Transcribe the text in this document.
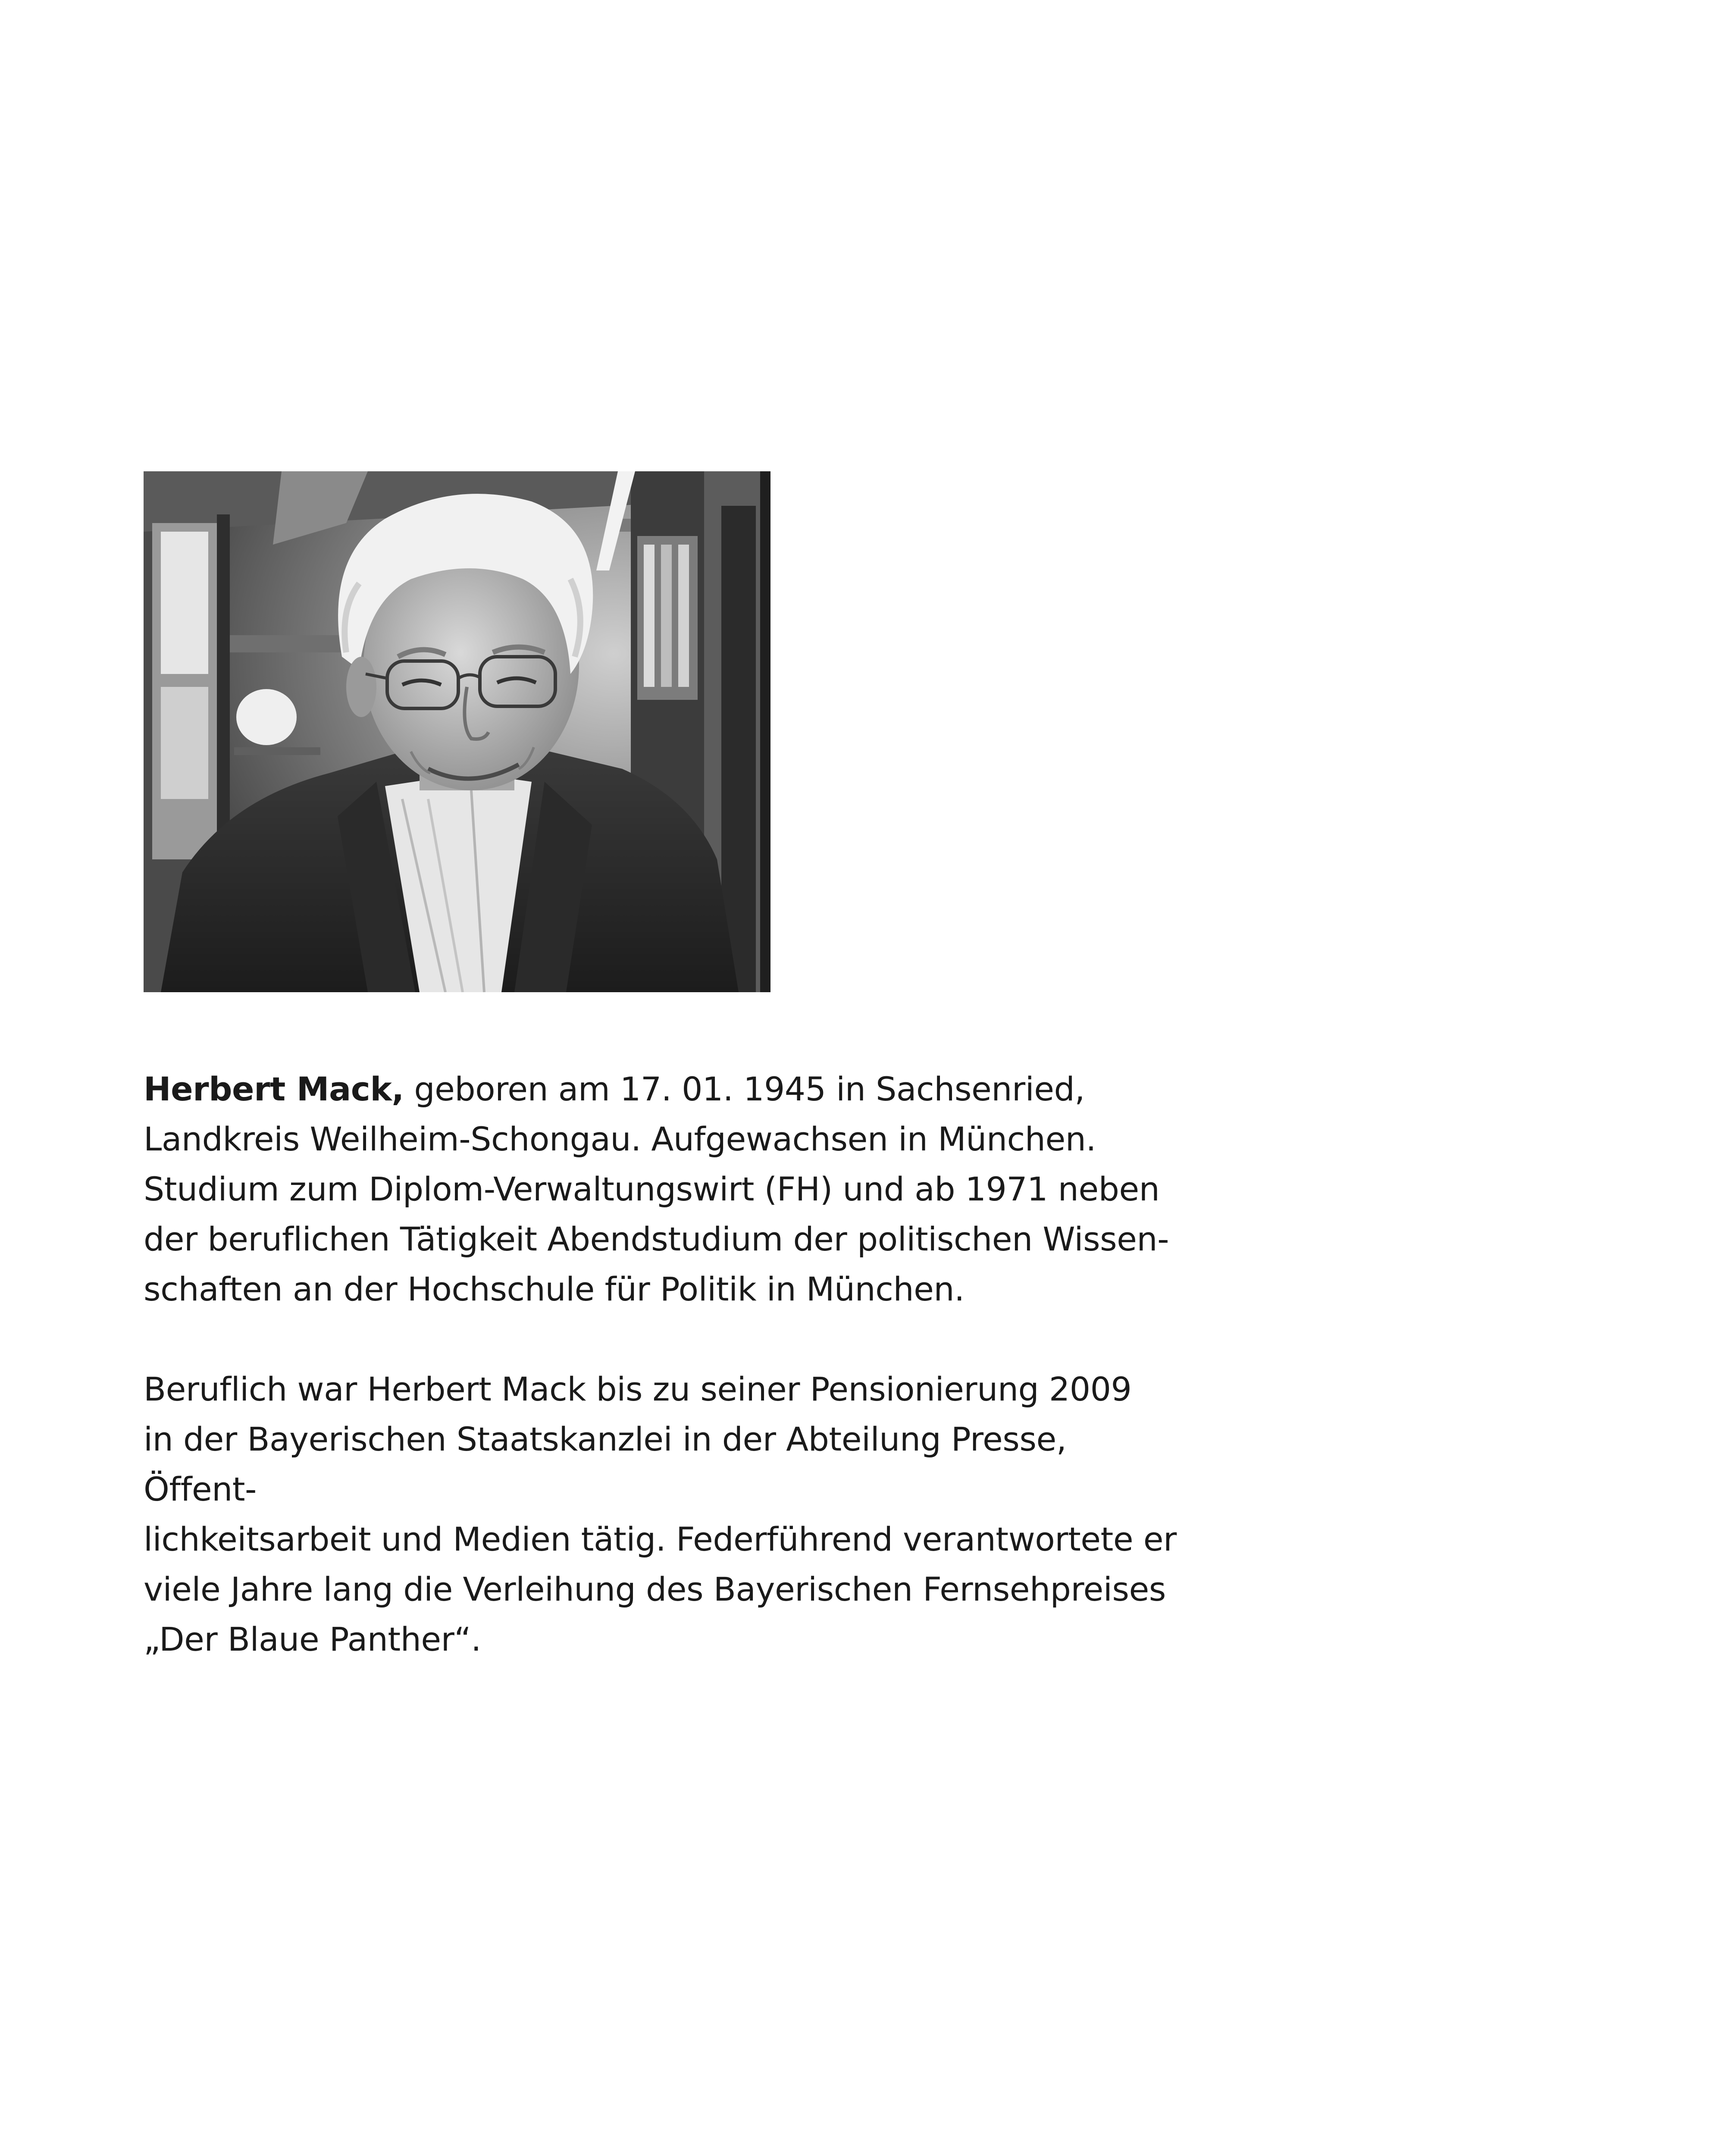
Herbert Mack, geboren am 17. 01. 1945 in Sachsenried,
Landkreis Weilheim-Schongau. Aufgewachsen in München.
Studium zum Diplom-Verwaltungswirt (FH) und ab 1971 neben
der beruflichen Tätigkeit Abendstudium der politischen Wissen-
schaften an der Hochschule für Politik in München.

Beruflich war Herbert Mack bis zu seiner Pensionierung 2009
in der Bayerischen Staatskanzlei in der Abteilung Presse, Öffent-
lichkeitsarbeit und Medien tätig. Federführend verantwortete er
viele Jahre lang die Verleihung des Bayerischen Fernsehpreises
„Der Blaue Panther“.
